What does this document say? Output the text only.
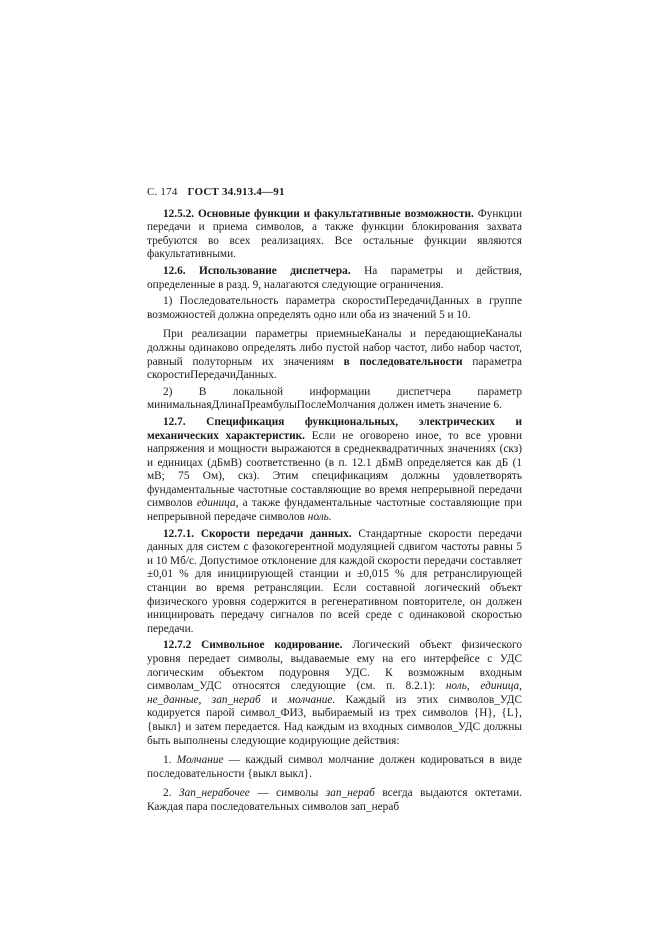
С. 174 ГОСТ 34.913.4—91

12.5.2. Основные функции и факультативные возможности. Функции передачи и приема символов, а также функции блокирования захвата требуются во всех реализациях. Все остальные функции являются факультативными.

12.6. Использование диспетчера. На параметры и действия, определенные в разд. 9, налагаются следующие ограничения.

1) Последовательность параметра скоростиПередачиДанных в группе возможностей должна определять одно или оба из значений 5 и 10.

При реализации параметры приемныеКаналы и передающиеКаналы должны одинаково определять либо пустой набор частот, либо набор частот, равный полуторным их значениям в последовательности параметра скоростиПередачиДанных.

2) В локальной информации диспетчера параметр минимальнаяДлинаПреамбулыПослеМолчания должен иметь значение 6.

12.7. Спецификация функциональных, электрических и механических характеристик. Если не оговорено иное, то все уровни напряжения и мощности выражаются в среднеквадратичных значениях (скз) и единицах (дБмВ) соответственно (в п. 12.1 дБмВ определяется как дБ (1 мВ; 75 Ом), скз). Этим спецификациям должны удовлетворять фундаментальные частотные составляющие во время непрерывной передачи символов единица, а также фундаментальные частотные составляющие при непрерывной передаче символов ноль.

12.7.1. Скорости передачи данных. Стандартные скорости передачи данных для систем с фазокогерентной модуляцией сдвигом частоты равны 5 и 10 Мб/с. Допустимое отклонение для каждой скорости передачи составляет ±0,01 % для инициирующей станции и ±0,015 % для ретранслирующей станции во время ретрансляции. Если составной логический объект физического уровня содержится в регенеративном повторителе, он должен инициировать передачу сигналов по всей среде с одинаковой скоростью передачи.

12.7.2 Символьное кодирование. Логический объект физического уровня передает символы, выдаваемые ему на его интерфейсе с УДС логическим объектом подуровня УДС. К возможным входным символам_УДС относятся следующие (см. п. 8.2.1): ноль, единица, не_данные, зап_нераб и молчание. Каждый из этих символов_УДС кодируется парой символ_ФИЗ, выбираемый из трех символов {Н}, {L}, {выкл} и затем передается. Над каждым из входных символов_УДС должны быть выполнены следующие кодирующие действия:

1. Молчание — каждый символ молчание должен кодироваться в виде последовательности {выкл выкл}.

2. Зап_нерабочее — символы зап_нераб всегда выдаются октетами. Каждая пара последовательных символов зап_нераб
